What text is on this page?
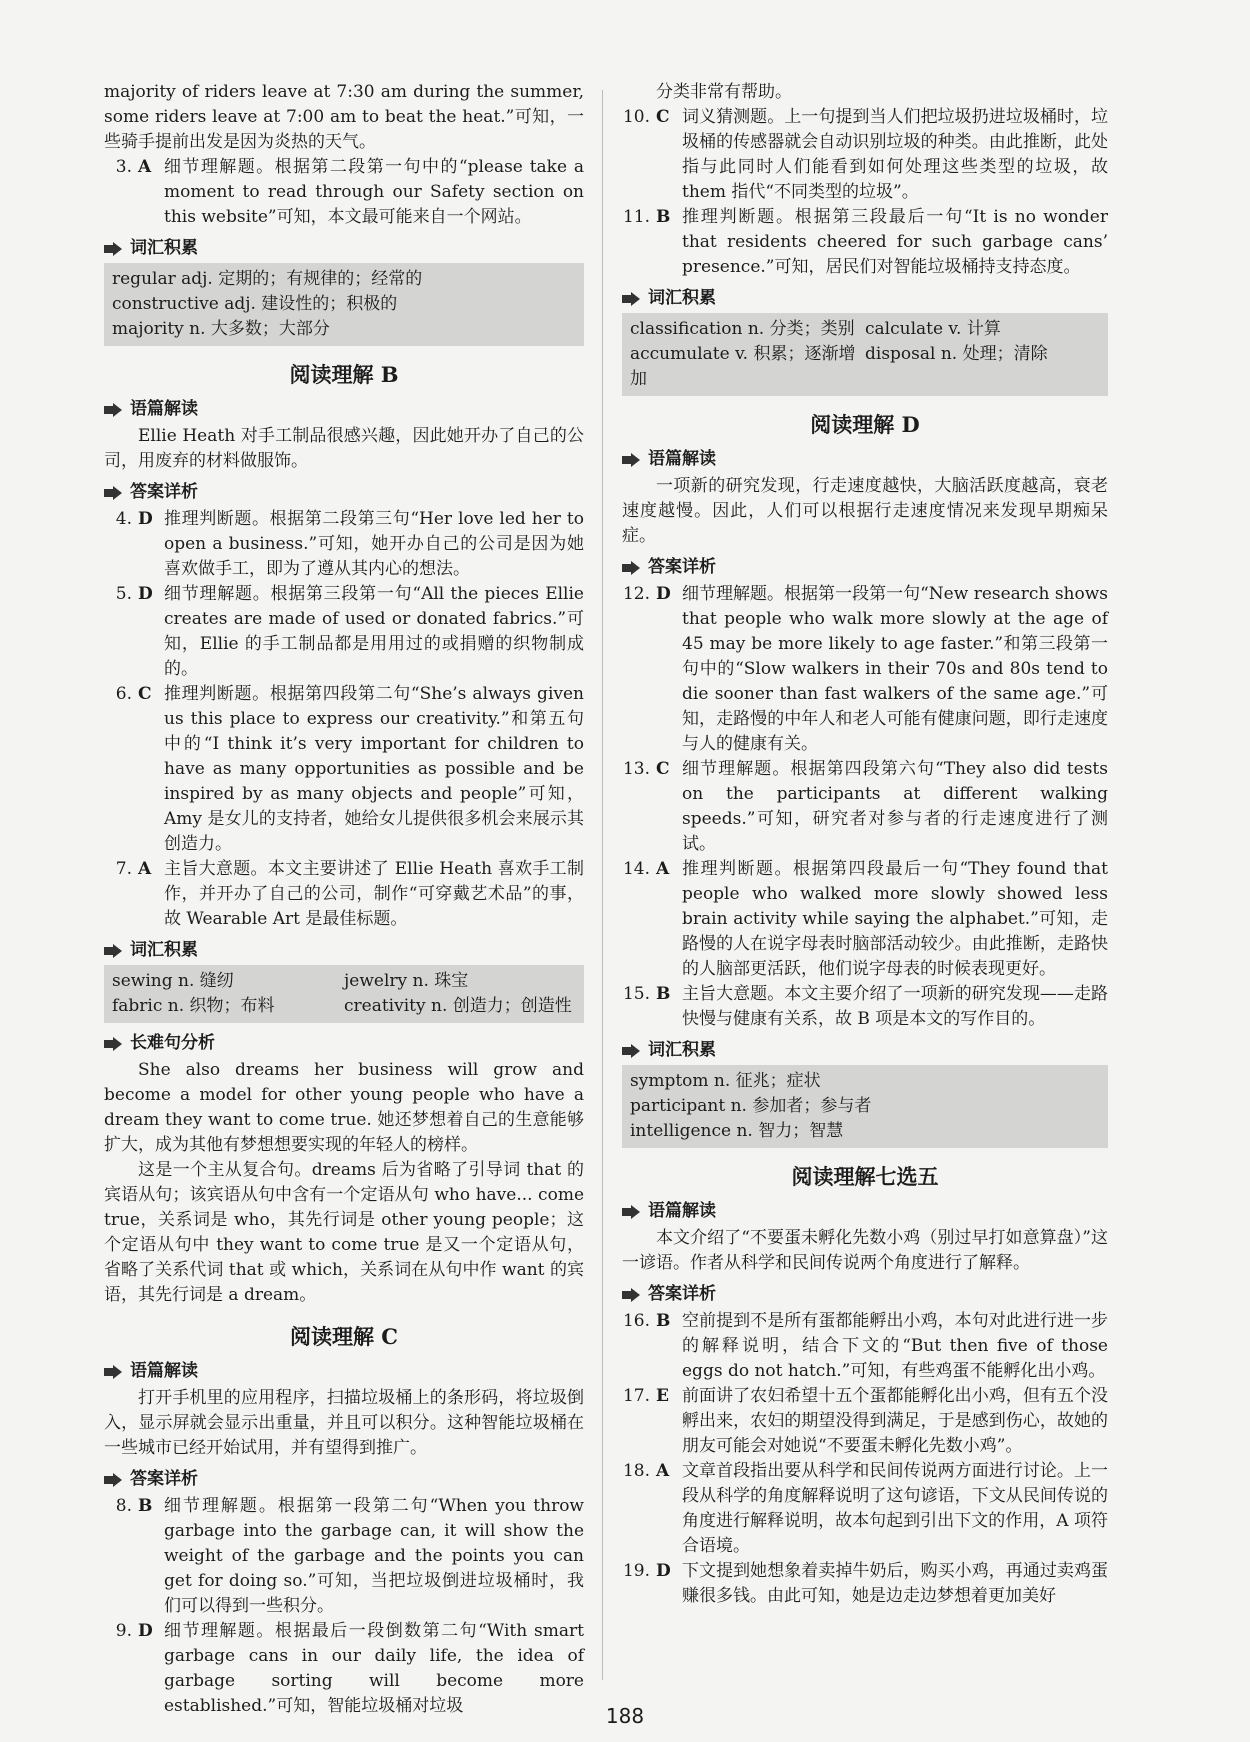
majority of riders leave at 7:30 am during the summer, some riders leave at 7:00 am to beat the heat.”可知，一些骑手提前出发是因为炎热的天气。

3. A 细节理解题。根据第二段第一句中的“please take a moment to read through our Safety section on this website”可知，本文最可能来自一个网站。
词汇积累
regular adj. 定期的；有规律的；经常的
constructive adj. 建设性的；积极的
majority n. 大多数；大部分
阅读理解 B
语篇解读

Ellie Heath 对手工制品很感兴趣，因此她开办了自己的公司，用废弃的材料做服饰。

答案详析
4. D 推理判断题。根据第二段第三句“Her love led her to open a business.”可知，她开办自己的公司是因为她喜欢做手工，即为了遵从其内心的想法。
5. D 细节理解题。根据第三段第一句“All the pieces Ellie creates are made of used or donated fabrics.”可知，Ellie 的手工制品都是用用过的或捐赠的织物制成的。
6. C 推理判断题。根据第四段第二句“She’s always given us this place to express our creativity.”和第五句中的“I think it’s very important for children to have as many opportunities as possible and be inspired by as many objects and people”可知，Amy 是女儿的支持者，她给女儿提供很多机会来展示其创造力。
7. A 主旨大意题。本文主要讲述了 Ellie Heath 喜欢手工制作，并开办了自己的公司，制作“可穿戴艺术品”的事，故 Wearable Art 是最佳标题。
词汇积累
sewing n. 缝纫	jewelry n. 珠宝
fabric n. 织物；布料	creativity n. 创造力；创造性
长难句分析

She also dreams her business will grow and become a model for other young people who have a dream they want to come true. 她还梦想着自己的生意能够扩大，成为其他有梦想想要实现的年轻人的榜样。

这是一个主从复合句。dreams 后为省略了引导词 that 的宾语从句；该宾语从句中含有一个定语从句 who have... come true，关系词是 who，其先行词是 other young people；这个定语从句中 they want to come true 是又一个定语从句，省略了关系代词 that 或 which，关系词在从句中作 want 的宾语，其先行词是 a dream。

阅读理解 C
语篇解读

打开手机里的应用程序，扫描垃圾桶上的条形码，将垃圾倒入，显示屏就会显示出重量，并且可以积分。这种智能垃圾桶在一些城市已经开始试用，并有望得到推广。

答案详析
8. B 细节理解题。根据第一段第二句“When you throw garbage into the garbage can, it will show the weight of the garbage and the points you can get for doing so.”可知，当把垃圾倒进垃圾桶时，我们可以得到一些积分。
9. D 细节理解题。根据最后一段倒数第二句“With smart garbage cans in our daily life, the idea of garbage sorting will become more established.”可知，智能垃圾桶对垃圾

分类非常有帮助。

10. C 词义猜测题。上一句提到当人们把垃圾扔进垃圾桶时，垃圾桶的传感器就会自动识别垃圾的种类。由此推断，此处指与此同时人们能看到如何处理这些类型的垃圾，故 them 指代“不同类型的垃圾”。
11. B 推理判断题。根据第三段最后一句“It is no wonder that residents cheered for such garbage cans’ presence.”可知，居民们对智能垃圾桶持支持态度。
词汇积累
classification n. 分类；类别 calculate v. 计算
accumulate v. 积累；逐渐增加
disposal n. 处理；清除
阅读理解 D
语篇解读

一项新的研究发现，行走速度越快，大脑活跃度越高，衰老速度越慢。因此，人们可以根据行走速度情况来发现早期痴呆症。

答案详析
12. D 细节理解题。根据第一段第一句“New research shows that people who walk more slowly at the age of 45 may be more likely to age faster.”和第三段第一句中的“Slow walkers in their 70s and 80s tend to die sooner than fast walkers of the same age.”可知，走路慢的中年人和老人可能有健康问题，即行走速度与人的健康有关。
13. C 细节理解题。根据第四段第六句“They also did tests on the participants at different walking speeds.”可知，研究者对参与者的行走速度进行了测试。
14. A 推理判断题。根据第四段最后一句“They found that people who walked more slowly showed less brain activity while saying the alphabet.”可知，走路慢的人在说字母表时脑部活动较少。由此推断，走路快的人脑部更活跃，他们说字母表的时候表现更好。
15. B 主旨大意题。本文主要介绍了一项新的研究发现——走路快慢与健康有关系，故 B 项是本文的写作目的。
词汇积累
symptom n. 征兆；症状
participant n. 参加者；参与者
intelligence n. 智力；智慧
阅读理解七选五
语篇解读

本文介绍了“不要蛋未孵化先数小鸡（别过早打如意算盘）”这一谚语。作者从科学和民间传说两个角度进行了解释。

答案详析
16. B 空前提到不是所有蛋都能孵出小鸡，本句对此进行进一步的解释说明，结合下文的“But then five of those eggs do not hatch.”可知，有些鸡蛋不能孵化出小鸡。
17. E 前面讲了农妇希望十五个蛋都能孵化出小鸡，但有五个没孵出来，农妇的期望没得到满足，于是感到伤心，故她的朋友可能会对她说“不要蛋未孵化先数小鸡”。
18. A 文章首段指出要从科学和民间传说两方面进行讨论。上一段从科学的角度解释说明了这句谚语，下文从民间传说的角度进行解释说明，故本句起到引出下文的作用，A 项符合语境。
19. D 下文提到她想象着卖掉牛奶后，购买小鸡，再通过卖鸡蛋赚很多钱。由此可知，她是边走边梦想着更加美好
188
